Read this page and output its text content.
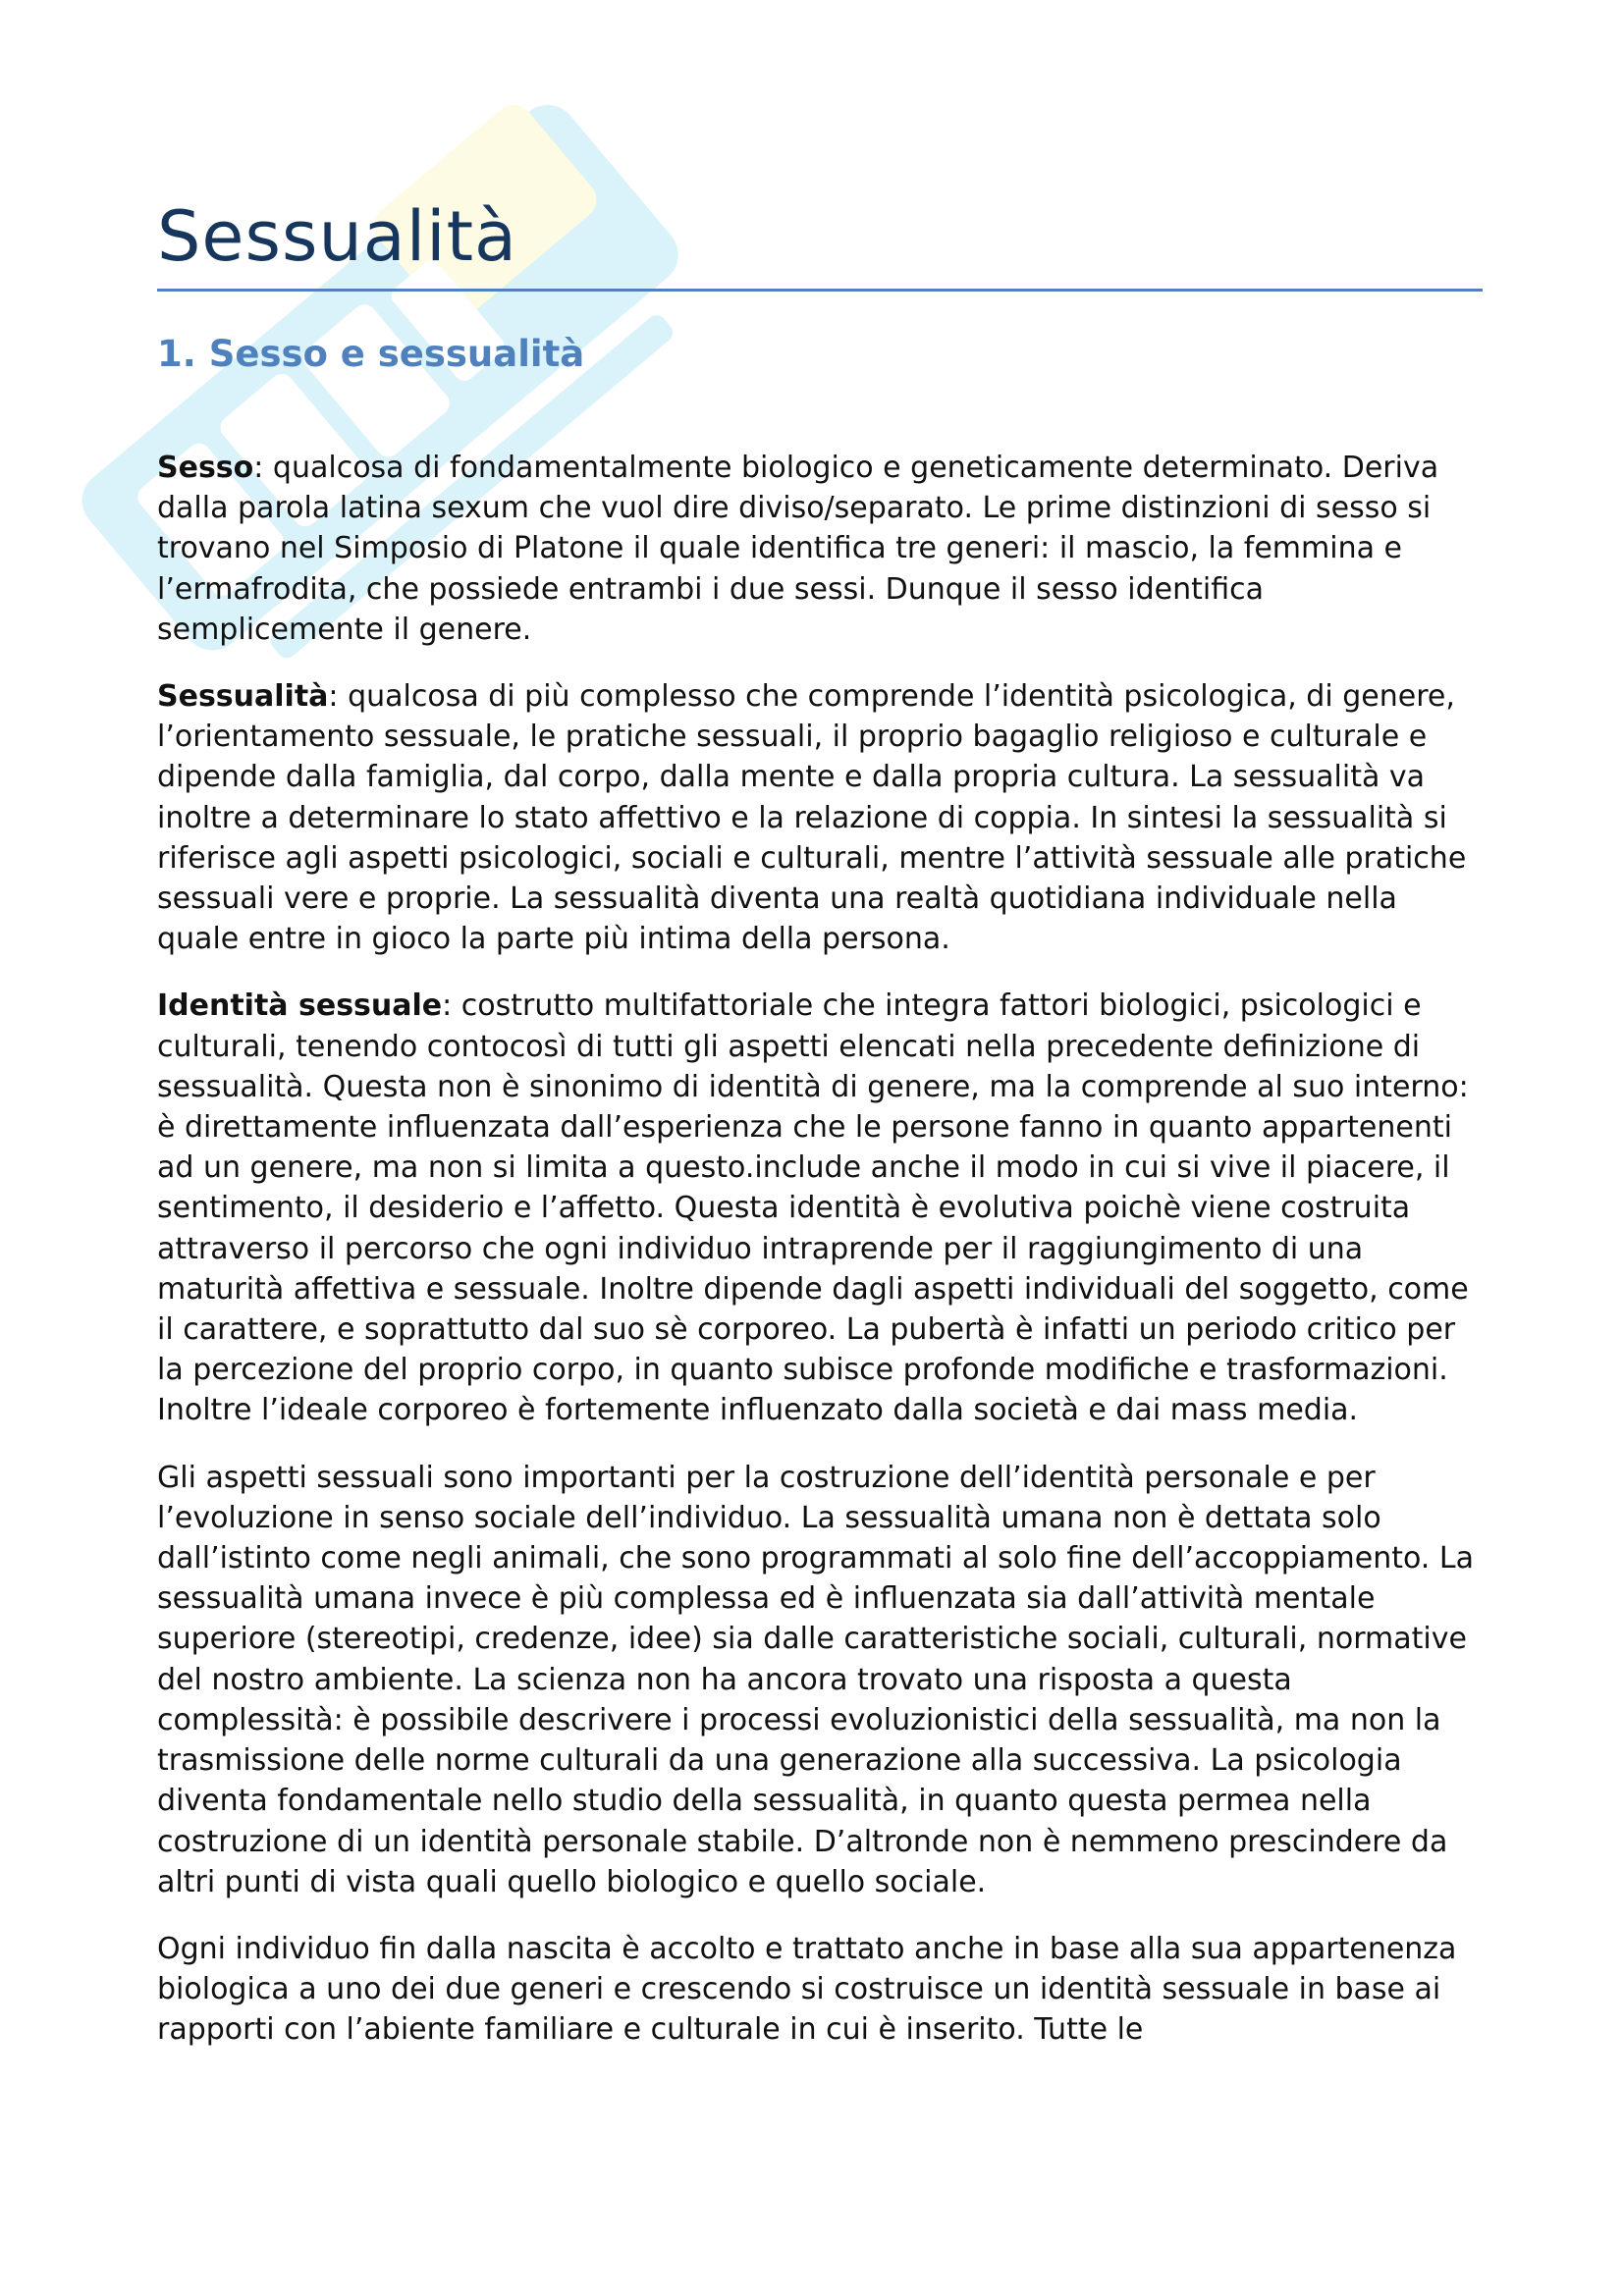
Sessualità
1. Sesso e sessualità

Sesso: qualcosa di fondamentalmente biologico e geneticamente determinato. Deriva dalla parola latina sexum che vuol dire diviso/separato. Le prime distinzioni di sesso si trovano nel Simposio di Platone il quale identifica tre generi: il mascio, la femmina e l’ermafrodita, che possiede entrambi i due sessi. Dunque il sesso identifica semplicemente il genere.

Sessualità: qualcosa di più complesso che comprende l’identità psicologica, di genere, l’orientamento sessuale, le pratiche sessuali, il proprio bagaglio religioso e culturale e dipende dalla famiglia, dal corpo, dalla mente e dalla propria cultura. La sessualità va inoltre a determinare lo stato affettivo e la relazione di coppia. In sintesi la sessualità si riferisce agli aspetti psicologici, sociali e culturali, mentre l’attività sessuale alle pratiche sessuali vere e proprie. La sessualità diventa una realtà quotidiana individuale nella quale entre in gioco la parte più intima della persona.

Identità sessuale: costrutto multifattoriale che integra fattori biologici, psicologici e culturali, tenendo contocosì di tutti gli aspetti elencati nella precedente definizione di sessualità. Questa non è sinonimo di identità di genere, ma la comprende al suo interno: è direttamente influenzata dall’esperienza che le persone fanno in quanto appartenenti ad un genere, ma non si limita a questo.include anche il modo in cui si vive il piacere, il sentimento, il desiderio e l’affetto. Questa identità è evolutiva poichè viene costruita attraverso il percorso che ogni individuo intraprende per il raggiungimento di una maturità affettiva e sessuale. Inoltre dipende dagli aspetti individuali del soggetto, come il carattere, e soprattutto dal suo sè corporeo. La pubertà è infatti un periodo critico per la percezione del proprio corpo, in quanto subisce profonde modifiche e trasformazioni. Inoltre l’ideale corporeo è fortemente influenzato dalla società e dai mass media.

Gli aspetti sessuali sono importanti per la costruzione dell’identità personale e per l’evoluzione in senso sociale dell’individuo. La sessualità umana non è dettata solo dall’istinto come negli animali, che sono programmati al solo fine dell’accoppiamento. La sessualità umana invece è più complessa ed è influenzata sia dall’attività mentale superiore (stereotipi, credenze, idee) sia dalle caratteristiche sociali, culturali, normative del nostro ambiente. La scienza non ha ancora trovato una risposta a questa complessità: è possibile descrivere i processi evoluzionistici della sessualità, ma non la trasmissione delle norme culturali da una generazione alla successiva. La psicologia diventa fondamentale nello studio della sessualità, in quanto questa permea nella costruzione di un identità personale stabile. D’altronde non è nemmeno prescindere da altri punti di vista quali quello biologico e quello sociale.

Ogni individuo fin dalla nascita è accolto e trattato anche in base alla sua appartenenza biologica a uno dei due generi e crescendo si costruisce un identità sessuale in base ai rapporti con l’abiente familiare e culturale in cui è inserito. Tutte le
